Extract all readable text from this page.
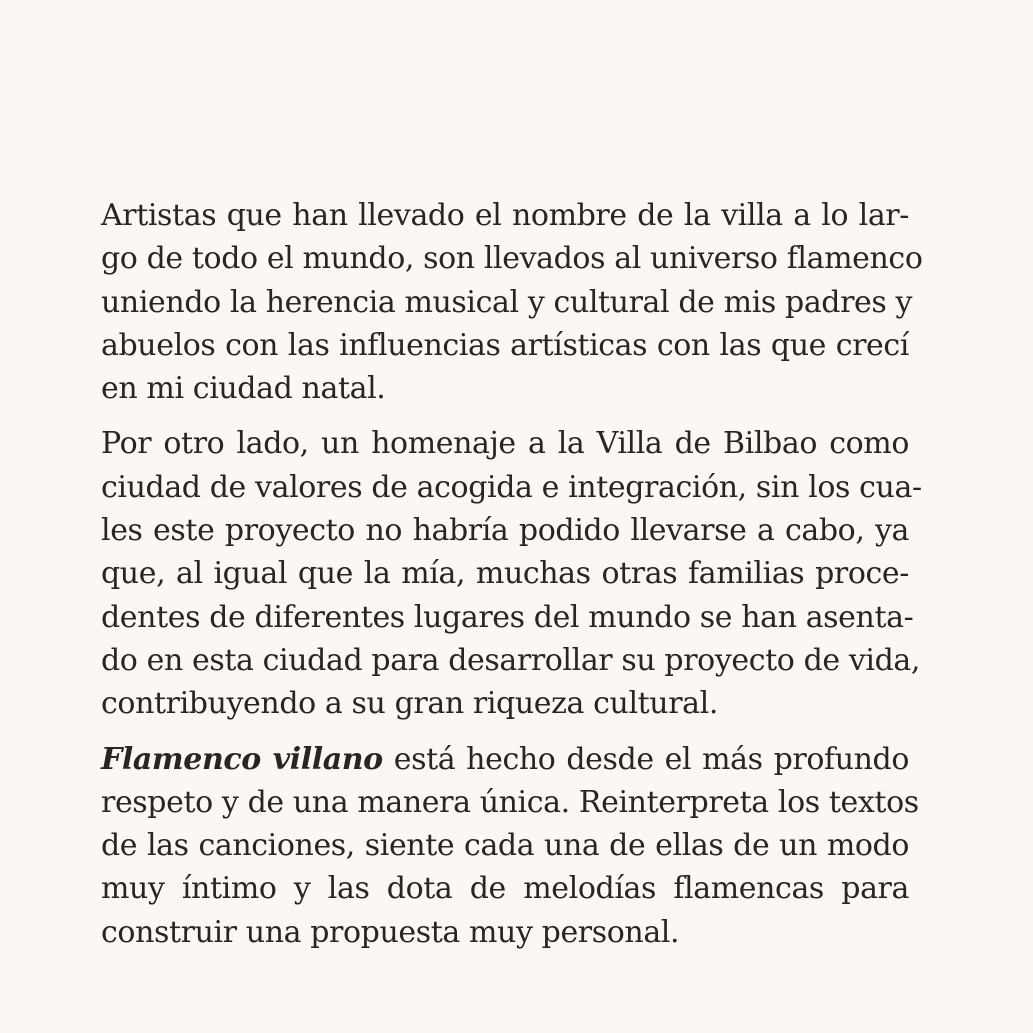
Artistas que han llevado el nombre de la villa a lo lar-
go de todo el mundo, son llevados al universo flamenco
uniendo la herencia musical y cultural de mis padres y
abuelos con las influencias artísticas con las que crecí
en mi ciudad natal.

Por otro lado, un homenaje a la Villa de Bilbao como
ciudad de valores de acogida e integración, sin los cua-
les este proyecto no habría podido llevarse a cabo, ya
que, al igual que la mía, muchas otras familias proce-
dentes de diferentes lugares del mundo se han asenta-
do en esta ciudad para desarrollar su proyecto de vida,
contribuyendo a su gran riqueza cultural.

Flamenco villano está hecho desde el más profundo
respeto y de una manera única. Reinterpreta los textos
de las canciones, siente cada una de ellas de un modo
muy íntimo y las dota de melodías flamencas para
construir una propuesta muy personal.
